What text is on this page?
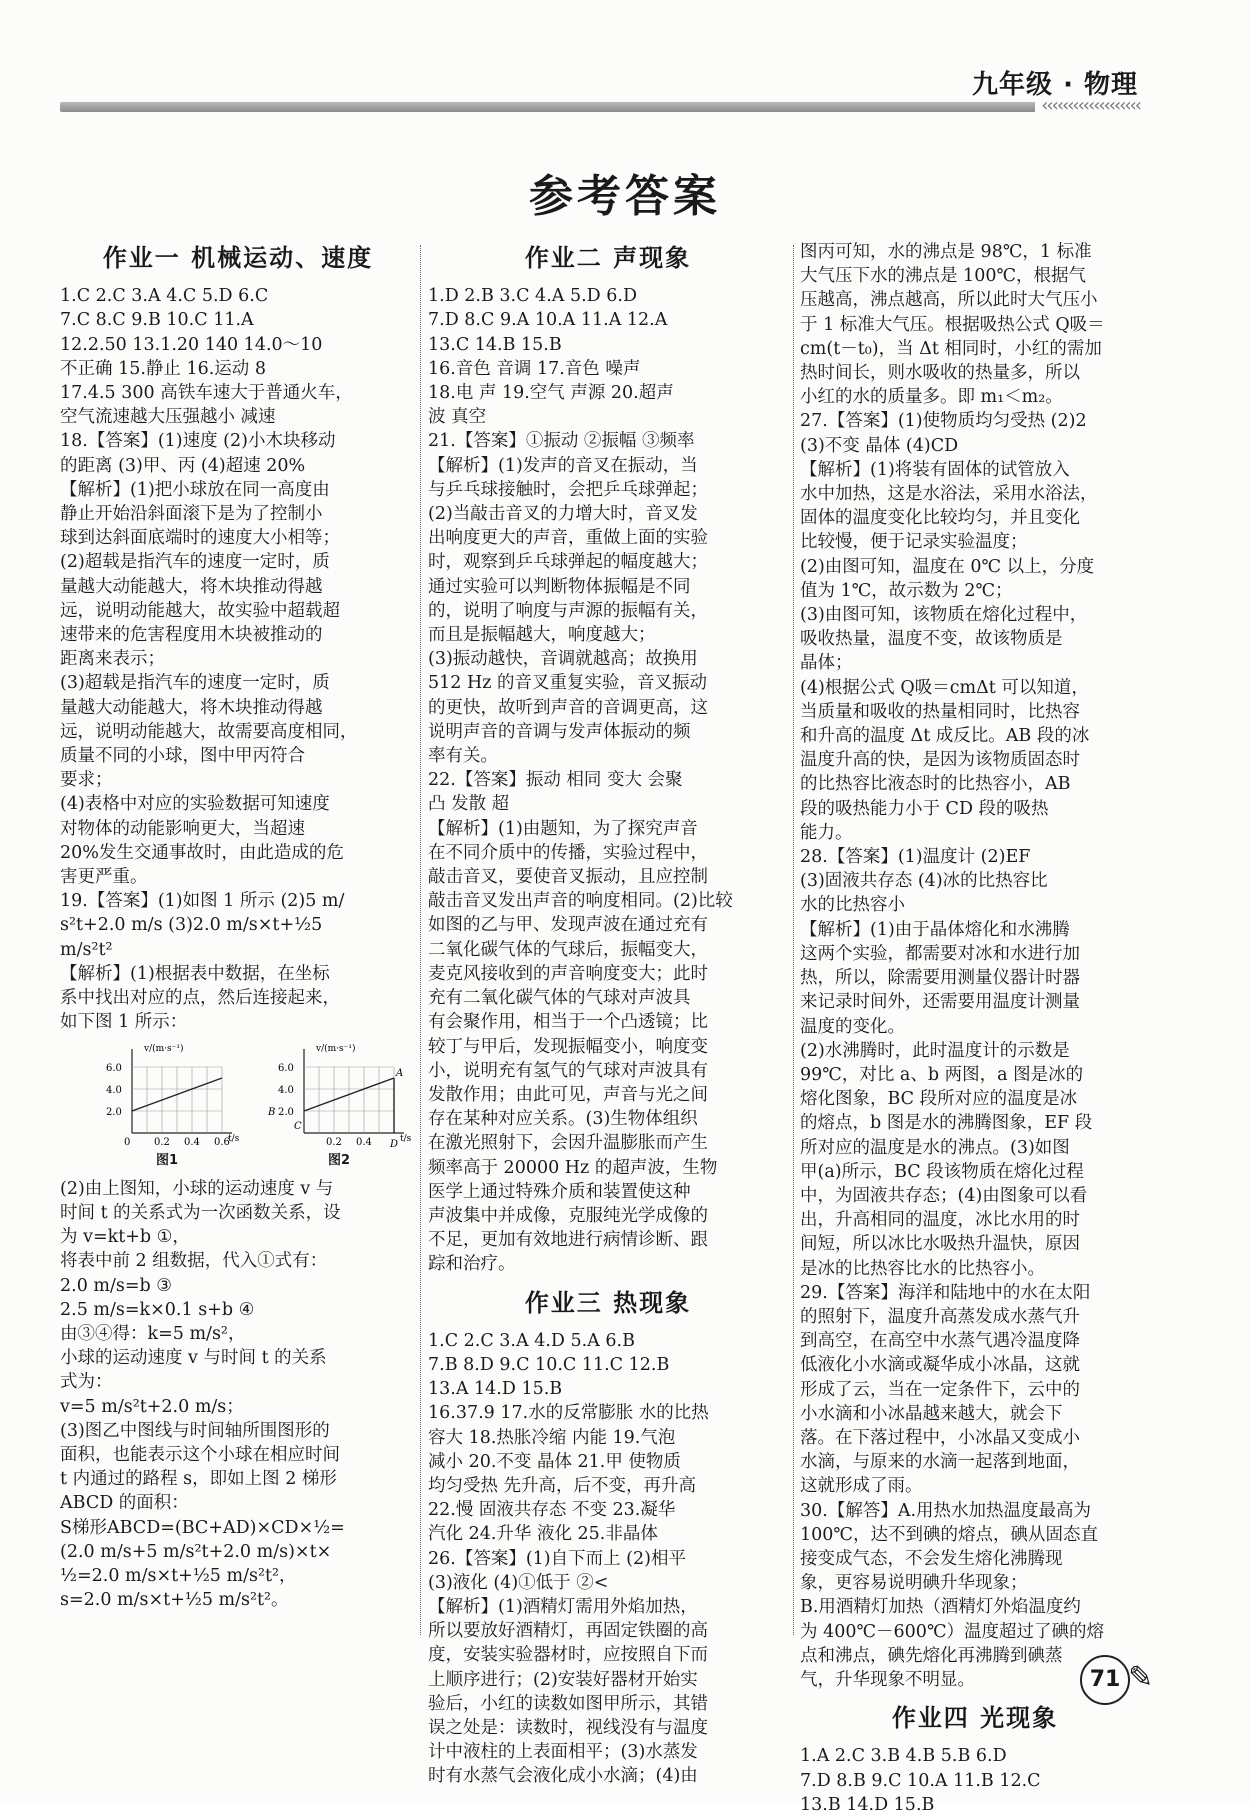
‹‹‹‹‹‹‹‹‹‹‹‹‹‹‹‹‹‹‹
九年级 · 物理
参考答案
作业一 机械运动、速度
1.C 2.C 3.A 4.C 5.D 6.C
7.C 8.C 9.B 10.C 11.A
12.2.50 13.1.20 140 14.0～10
不正确 15.静止 16.运动 8
17.4.5 300 高铁车速大于普通火车，
空气流速越大压强越小 减速
18.【答案】(1)速度 (2)小木块移动
的距离 (3)甲、丙 (4)超速 20%
【解析】(1)把小球放在同一高度由
静止开始沿斜面滚下是为了控制小
球到达斜面底端时的速度大小相等；
(2)超载是指汽车的速度一定时，质
量越大动能越大，将木块推动得越
远，说明动能越大，故实验中超载超
速带来的危害程度用木块被推动的
距离来表示；
(3)超载是指汽车的速度一定时，质
量越大动能越大，将木块推动得越
远，说明动能越大，故需要高度相同，
质量不同的小球，图中甲丙符合
要求；
(4)表格中对应的实验数据可知速度
对物体的动能影响更大，当超速
20%发生交通事故时，由此造成的危
害更严重。
19.【答案】(1)如图 1 所示 (2)5 m/
s²t+2.0 m/s (3)2.0 m/s×t+½5
m/s²t²
【解析】(1)根据表中数据，在坐标
系中找出对应的点，然后连接起来，
如下图 1 所示：
v/(m·s⁻¹)
6.0
4.0
2.0
0 0.2 0.4 0.6
t/s
图1
v/(m·s⁻¹)
6.0
4.0
2.0
B
C
A
D
0.2 0.4	t/s
图2
(2)由上图知，小球的运动速度 v 与
时间 t 的关系式为一次函数关系，设
为 v=kt+b ①，
将表中前 2 组数据，代入①式有：
2.0 m/s=b ③
2.5 m/s=k×0.1 s+b ④
由③④得：k=5 m/s²，
小球的运动速度 v 与时间 t 的关系
式为：
v=5 m/s²t+2.0 m/s；
(3)图乙中图线与时间轴所围图形的
面积，也能表示这个小球在相应时间
t 内通过的路程 s，即如上图 2 梯形
ABCD 的面积：
S梯形ABCD=(BC+AD)×CD×½=
(2.0 m/s+5 m/s²t+2.0 m/s)×t×
½=2.0 m/s×t+½5 m/s²t²，
s=2.0 m/s×t+½5 m/s²t²。
作业二 声现象
1.D 2.B 3.C 4.A 5.D 6.D
7.D 8.C 9.A 10.A 11.A 12.A
13.C 14.B 15.B
16.音色 音调 17.音色 噪声
18.电 声 19.空气 声源 20.超声
波 真空
21.【答案】①振动 ②振幅 ③频率
【解析】(1)发声的音叉在振动，当
与乒乓球接触时，会把乒乓球弹起；
(2)当敲击音叉的力增大时，音叉发
出响度更大的声音，重做上面的实验
时，观察到乒乓球弹起的幅度越大；
通过实验可以判断物体振幅是不同
的，说明了响度与声源的振幅有关，
而且是振幅越大，响度越大；
(3)振动越快，音调就越高；故换用
512 Hz 的音叉重复实验，音叉振动
的更快，故听到声音的音调更高，这
说明声音的音调与发声体振动的频
率有关。
22.【答案】振动 相同 变大 会聚
凸 发散 超
【解析】(1)由题知，为了探究声音
在不同介质中的传播，实验过程中，
敲击音叉，要使音叉振动，且应控制
敲击音叉发出声音的响度相同。(2)比较
如图的乙与甲、发现声波在通过充有
二氧化碳气体的气球后，振幅变大，
麦克风接收到的声音响度变大；此时
充有二氧化碳气体的气球对声波具
有会聚作用，相当于一个凸透镜；比
较丁与甲后，发现振幅变小，响度变
小，说明充有氢气的气球对声波具有
发散作用；由此可见，声音与光之间
存在某种对应关系。(3)生物体组织
在激光照射下，会因升温膨胀而产生
频率高于 20000 Hz 的超声波，生物
医学上通过特殊介质和装置使这种
声波集中并成像，克服纯光学成像的
不足，更加有效地进行病情诊断、跟
踪和治疗。
作业三 热现象
1.C 2.C 3.A 4.D 5.A 6.B
7.B 8.D 9.C 10.C 11.C 12.B
13.A 14.D 15.B
16.37.9 17.水的反常膨胀 水的比热
容大 18.热胀冷缩 内能 19.气泡
减小 20.不变 晶体 21.甲 使物质
均匀受热 先升高，后不变，再升高
22.慢 固液共存态 不变 23.凝华
汽化 24.升华 液化 25.非晶体
26.【答案】(1)自下而上 (2)相平
(3)液化 (4)①低于 ②<
【解析】(1)酒精灯需用外焰加热，
所以要放好酒精灯，再固定铁圈的高
度，安装实验器材时，应按照自下而
上顺序进行；(2)安装好器材开始实
验后，小红的读数如图甲所示，其错
误之处是：读数时，视线没有与温度
计中液柱的上表面相平；(3)水蒸发
时有水蒸气会液化成小水滴；(4)由
图丙可知，水的沸点是 98℃，1 标准
大气压下水的沸点是 100℃，根据气
压越高，沸点越高，所以此时大气压小
于 1 标准大气压。根据吸热公式 Q吸＝
cm(t－t₀)，当 Δt 相同时，小红的需加
热时间长，则水吸收的热量多，所以
小红的水的质量多。即 m₁＜m₂。
27.【答案】(1)使物质均匀受热 (2)2
(3)不变 晶体 (4)CD
【解析】(1)将装有固体的试管放入
水中加热，这是水浴法，采用水浴法，
固体的温度变化比较均匀，并且变化
比较慢，便于记录实验温度；
(2)由图可知，温度在 0℃ 以上，分度
值为 1℃，故示数为 2℃；
(3)由图可知，该物质在熔化过程中，
吸收热量，温度不变，故该物质是
晶体；
(4)根据公式 Q吸＝cmΔt 可以知道，
当质量和吸收的热量相同时，比热容
和升高的温度 Δt 成反比。AB 段的冰
温度升高的快，是因为该物质固态时
的比热容比液态时的比热容小，AB
段的吸热能力小于 CD 段的吸热
能力。
28.【答案】(1)温度计 (2)EF
(3)固液共存态 (4)冰的比热容比
水的比热容小
【解析】(1)由于晶体熔化和水沸腾
这两个实验，都需要对冰和水进行加
热，所以，除需要用测量仪器计时器
来记录时间外，还需要用温度计测量
温度的变化。
(2)水沸腾时，此时温度计的示数是
99℃，对比 a、b 两图，a 图是冰的
熔化图象，BC 段所对应的温度是冰
的熔点，b 图是水的沸腾图象，EF 段
所对应的温度是水的沸点。(3)如图
甲(a)所示，BC 段该物质在熔化过程
中，为固液共存态；(4)由图象可以看
出，升高相同的温度，冰比水用的时
间短，所以冰比水吸热升温快，原因
是冰的比热容比水的比热容小。
29.【答案】海洋和陆地中的水在太阳
的照射下，温度升高蒸发成水蒸气升
到高空，在高空中水蒸气遇冷温度降
低液化小水滴或凝华成小冰晶，这就
形成了云，当在一定条件下，云中的
小水滴和小冰晶越来越大，就会下
落。在下落过程中，小冰晶又变成小
水滴，与原来的水滴一起落到地面，
这就形成了雨。
30.【解答】A.用热水加热温度最高为
100℃，达不到碘的熔点，碘从固态直
接变成气态，不会发生熔化沸腾现
象，更容易说明碘升华现象；
B.用酒精灯加热（酒精灯外焰温度约
为 400℃－600℃）温度超过了碘的熔
点和沸点，碘先熔化再沸腾到碘蒸
气，升华现象不明显。
作业四 光现象
1.A 2.C 3.B 4.B 5.B 6.D
7.D 8.B 9.C 10.A 11.B 12.C
13.B 14.D 15.B
71 ✎
